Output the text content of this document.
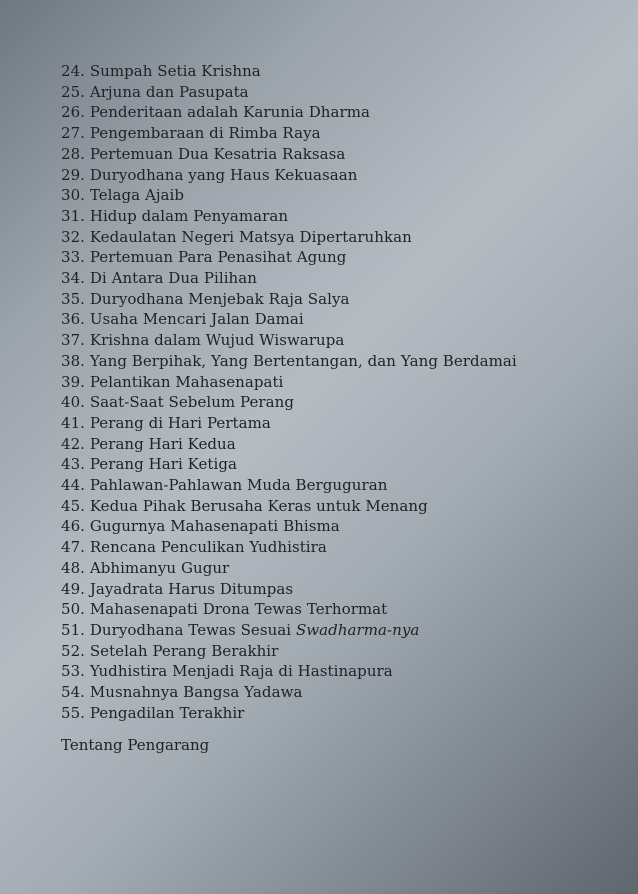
24. Sumpah Setia Krishna
25. Arjuna dan Pasupata
26. Penderitaan adalah Karunia Dharma
27. Pengembaraan di Rimba Raya
28. Pertemuan Dua Kesatria Raksasa
29. Duryodhana yang Haus Kekuasaan
30. Telaga Ajaib
31. Hidup dalam Penyamaran
32. Kedaulatan Negeri Matsya Dipertaruhkan
33. Pertemuan Para Penasihat Agung
34. Di Antara Dua Pilihan
35. Duryodhana Menjebak Raja Salya
36. Usaha Mencari Jalan Damai
37. Krishna dalam Wujud Wiswarupa
38. Yang Berpihak, Yang Bertentangan, dan Yang Berdamai
39. Pelantikan Mahasenapati
40. Saat-Saat Sebelum Perang
41. Perang di Hari Pertama
42. Perang Hari Kedua
43. Perang Hari Ketiga
44. Pahlawan-Pahlawan Muda Berguguran
45. Kedua Pihak Berusaha Keras untuk Menang
46. Gugurnya Mahasenapati Bhisma
47. Rencana Penculikan Yudhistira
48. Abhimanyu Gugur
49. Jayadrata Harus Ditumpas
50. Mahasenapati Drona Tewas Terhormat
51. Duryodhana Tewas Sesuai Swadharma-nya
52. Setelah Perang Berakhir
53. Yudhistira Menjadi Raja di Hastinapura
54. Musnahnya Bangsa Yadawa
55. Pengadilan Terakhir

Tentang Pengarang
